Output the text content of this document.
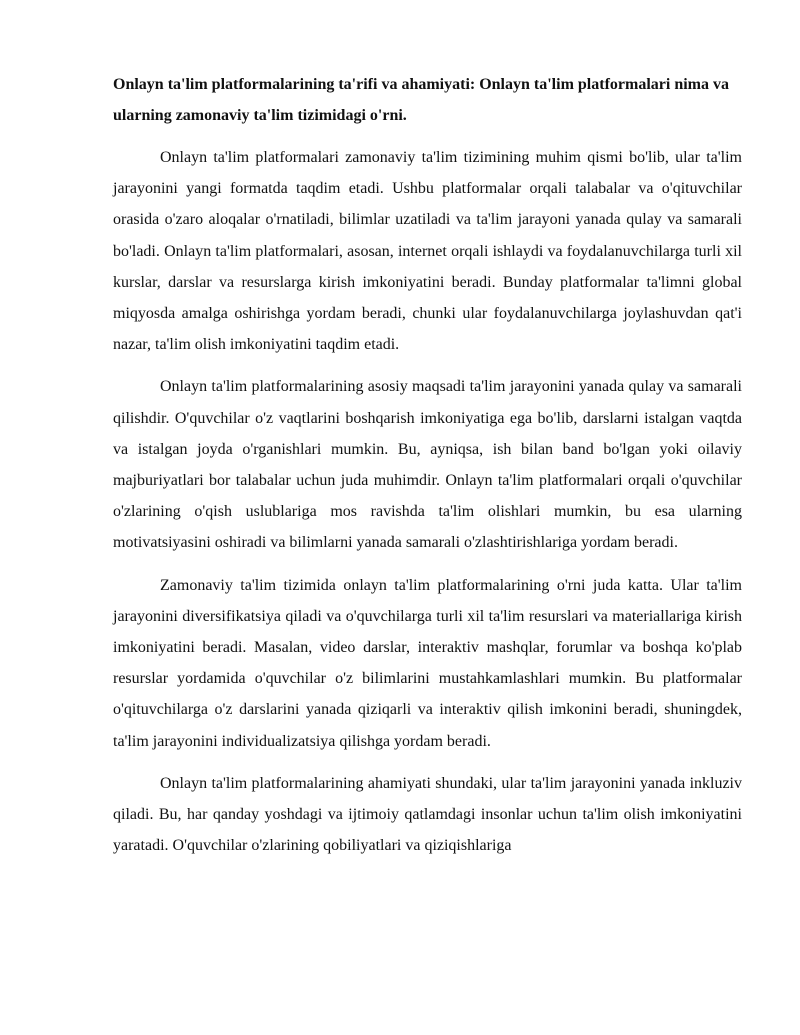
Onlayn ta'lim platformalarining ta'rifi va ahamiyati: Onlayn ta'lim platformalari nima va ularning zamonaviy ta'lim tizimidagi o'rni.

Onlayn ta'lim platformalari zamonaviy ta'lim tizimining muhim qismi bo'lib, ular ta'lim jarayonini yangi formatda taqdim etadi. Ushbu platformalar orqali talabalar va o'qituvchilar orasida o'zaro aloqalar o'rnatiladi, bilimlar uzatiladi va ta'lim jarayoni yanada qulay va samarali bo'ladi. Onlayn ta'lim platformalari, asosan, internet orqali ishlaydi va foydalanuvchilarga turli xil kurslar, darslar va resurslarga kirish imkoniyatini beradi. Bunday platformalar ta'limni global miqyosda amalga oshirishga yordam beradi, chunki ular foydalanuvchilarga joylashuvdan qat'i nazar, ta'lim olish imkoniyatini taqdim etadi.

Onlayn ta'lim platformalarining asosiy maqsadi ta'lim jarayonini yanada qulay va samarali qilishdir. O'quvchilar o'z vaqtlarini boshqarish imkoniyatiga ega bo'lib, darslarni istalgan vaqtda va istalgan joyda o'rganishlari mumkin. Bu, ayniqsa, ish bilan band bo'lgan yoki oilaviy majburiyatlari bor talabalar uchun juda muhimdir. Onlayn ta'lim platformalari orqali o'quvchilar o'zlarining o'qish uslublariga mos ravishda ta'lim olishlari mumkin, bu esa ularning motivatsiyasini oshiradi va bilimlarni yanada samarali o'zlashtirishlariga yordam beradi.

Zamonaviy ta'lim tizimida onlayn ta'lim platformalarining o'rni juda katta. Ular ta'lim jarayonini diversifikatsiya qiladi va o'quvchilarga turli xil ta'lim resurslari va materiallariga kirish imkoniyatini beradi. Masalan, video darslar, interaktiv mashqlar, forumlar va boshqa ko'plab resurslar yordamida o'quvchilar o'z bilimlarini mustahkamlashlari mumkin. Bu platformalar o'qituvchilarga o'z darslarini yanada qiziqarli va interaktiv qilish imkonini beradi, shuningdek, ta'lim jarayonini individualizatsiya qilishga yordam beradi.

Onlayn ta'lim platformalarining ahamiyati shundaki, ular ta'lim jarayonini yanada inkluziv qiladi. Bu, har qanday yoshdagi va ijtimoiy qatlamdagi insonlar uchun ta'lim olish imkoniyatini yaratadi. O'quvchilar o'zlarining qobiliyatlari va qiziqishlariga
